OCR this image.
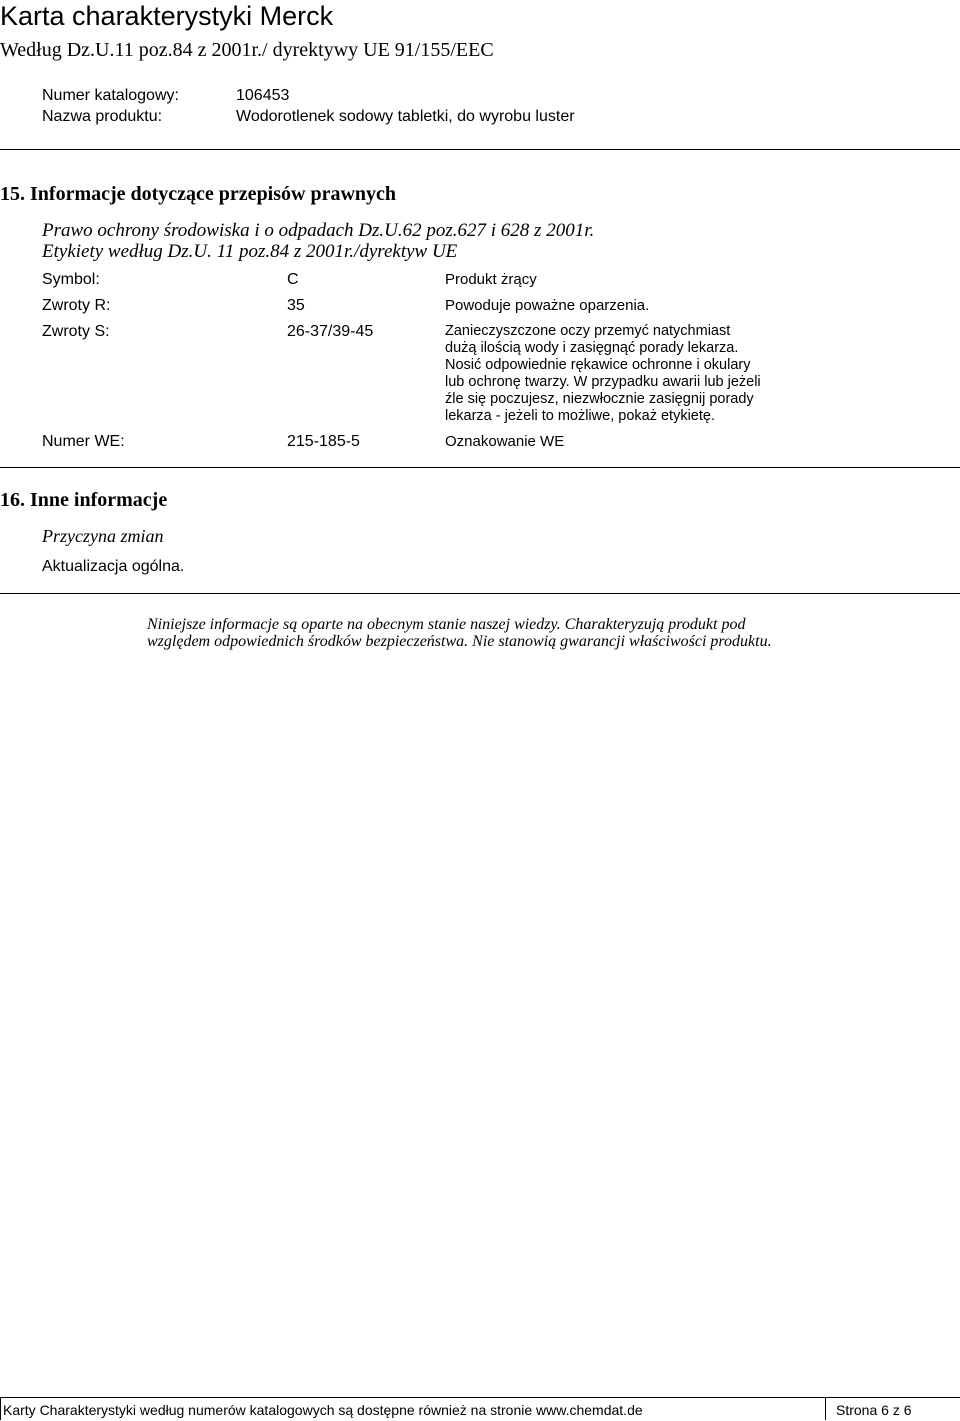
Karta charakterystyki Merck
Według Dz.U.11 poz.84 z 2001r./ dyrektywy UE 91/155/EEC
Numer katalogowy:	106453
Nazwa produktu:	Wodorotlenek sodowy tabletki, do wyrobu luster
15. Informacje dotyczące przepisów prawnych
Prawo ochrony środowiska i o odpadach Dz.U.62 poz.627 i 628 z 2001r.
Etykiety według Dz.U. 11 poz.84 z 2001r./dyrektyw UE
Symbol:	C	Produkt żrący
Zwroty R:	35	Powoduje poważne oparzenia.
Zwroty S:	26-37/39-45	Zanieczyszczone oczy przemyć natychmiast dużą ilością wody i zasięgnąć porady lekarza. Nosić odpowiednie rękawice ochronne i okulary lub ochronę twarzy. W przypadku awarii lub jeżeli źle się poczujesz, niezwłocznie zasięgnij porady lekarza - jeżeli to możliwe, pokaż etykietę.
Numer WE:	215-185-5	Oznakowanie WE
16. Inne informacje
Przyczyna zmian
Aktualizacja ogólna.
Niniejsze informacje są oparte na obecnym stanie naszej wiedzy. Charakteryzują produkt pod względem odpowiednich środków bezpieczeństwa. Nie stanowią gwarancji właściwości produktu.
Karty Charakterystyki według numerów katalogowych są dostępne również na stronie www.chemdat.de	Strona 6 z 6
